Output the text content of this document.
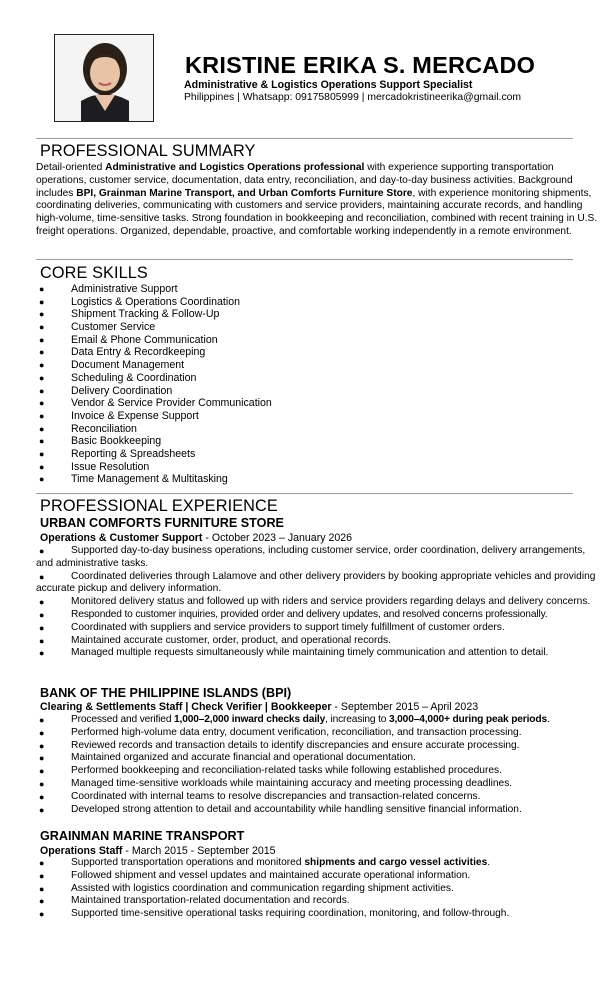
KRISTINE ERIKA S. MERCADO
Administrative & Logistics Operations Support Specialist
Philippines | Whatsapp: 09175805999 | mercadokristineerika@gmail.com
PROFESSIONAL SUMMARY
Detail-oriented Administrative and Logistics Operations professional with experience supporting transportation operations, customer service, documentation, data entry, reconciliation, and day-to-day business activities. Background includes BPI, Grainman Marine Transport, and Urban Comforts Furniture Store, with experience monitoring shipments, coordinating deliveries, communicating with customers and service providers, maintaining accurate records, and handling high-volume, time-sensitive tasks. Strong foundation in bookkeeping and reconciliation, combined with recent training in U.S. freight operations. Organized, dependable, proactive, and comfortable working independently in a remote environment.
CORE SKILLS
●	Administrative Support
●	Logistics & Operations Coordination
●	Shipment Tracking & Follow-Up
●	Customer Service
●	Email & Phone Communication
●	Data Entry & Recordkeeping
●	Document Management
●	Scheduling & Coordination
●	Delivery Coordination
●	Vendor & Service Provider Communication
●	Invoice & Expense Support
●	Reconciliation
●	Basic Bookkeeping
●	Reporting & Spreadsheets
●	Issue Resolution
●	Time Management & Multitasking
PROFESSIONAL EXPERIENCE
URBAN COMFORTS FURNITURE STORE
Operations & Customer Support - October 2023 – January 2026
●	Supported day-to-day business operations, including customer service, order coordination, delivery arrangements, and administrative tasks.
●	Coordinated deliveries through Lalamove and other delivery providers by booking appropriate vehicles and providing accurate pickup and delivery information.
●	Monitored delivery status and followed up with riders and service providers regarding delays and delivery concerns.
●	Responded to customer inquiries, provided order and delivery updates, and resolved concerns professionally.
●	Coordinated with suppliers and service providers to support timely fulfillment of customer orders.
●	Maintained accurate customer, order, product, and operational records.
●	Managed multiple requests simultaneously while maintaining timely communication and attention to detail.
BANK OF THE PHILIPPINE ISLANDS (BPI)
Clearing & Settlements Staff | Check Verifier | Bookkeeper - September 2015 – April 2023
●	Processed and verified 1,000–2,000 inward checks daily, increasing to 3,000–4,000+ during peak periods.
●	Performed high-volume data entry, document verification, reconciliation, and transaction processing.
●	Reviewed records and transaction details to identify discrepancies and ensure accurate processing.
●	Maintained organized and accurate financial and operational documentation.
●	Performed bookkeeping and reconciliation-related tasks while following established procedures.
●	Managed time-sensitive workloads while maintaining accuracy and meeting processing deadlines.
●	Coordinated with internal teams to resolve discrepancies and transaction-related concerns.
●	Developed strong attention to detail and accountability while handling sensitive financial information.
GRAINMAN MARINE TRANSPORT
Operations Staff - March 2015 - September 2015
●	Supported transportation operations and monitored shipments and cargo vessel activities.
●	Followed shipment and vessel updates and maintained accurate operational information.
●	Assisted with logistics coordination and communication regarding shipment activities.
●	Maintained transportation-related documentation and records.
●	Supported time-sensitive operational tasks requiring coordination, monitoring, and follow-through.
